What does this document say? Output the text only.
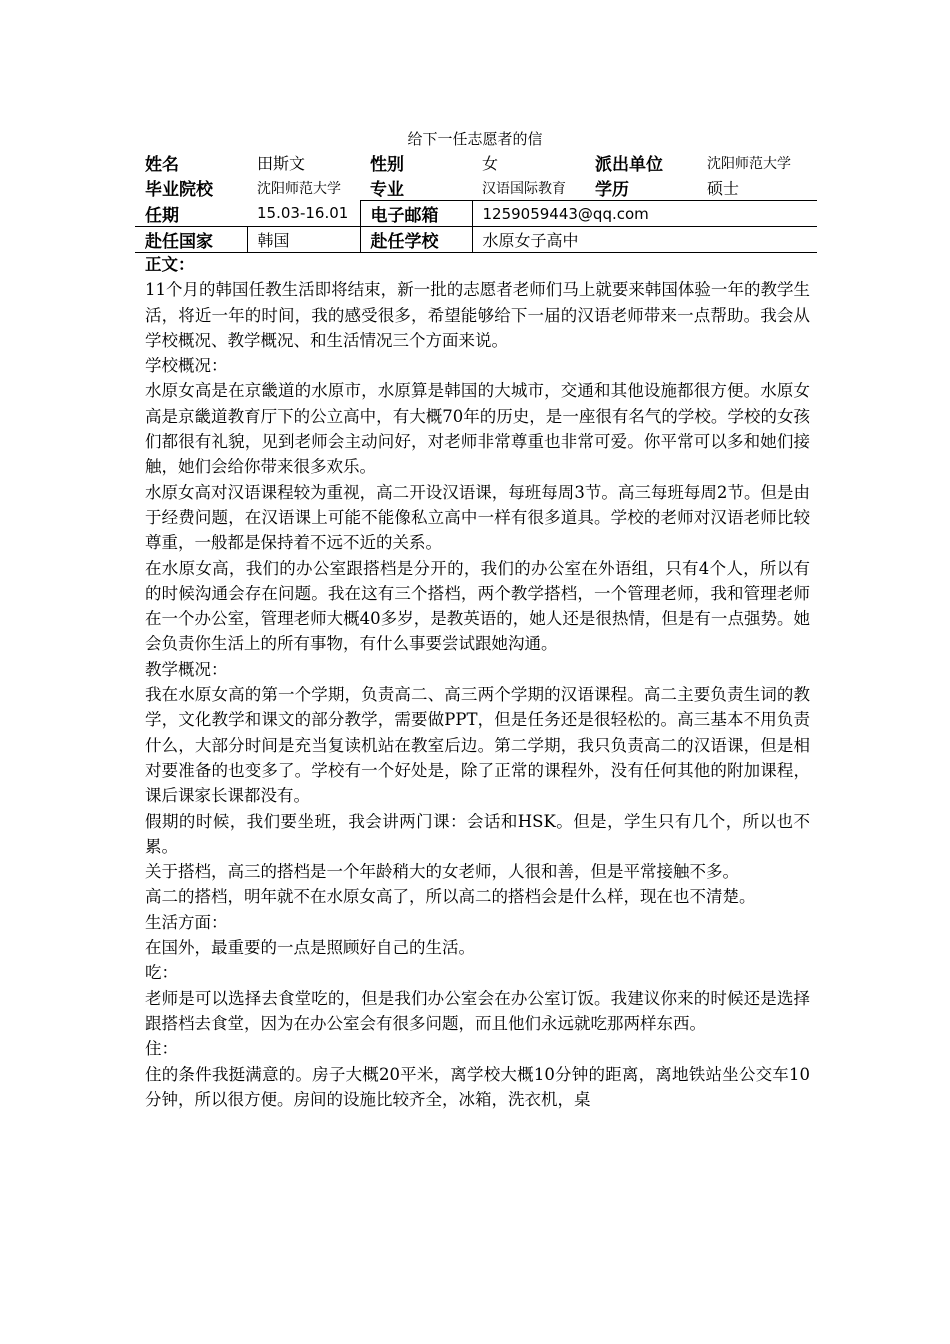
给下一任志愿者的信
姓名	田斯文	性别	女	派出单位	沈阳师范大学
毕业院校	沈阳师范大学	专业	汉语国际教育	学历	硕士
任期	15.03-16.01	电子邮箱	1259059443@qq.com		
赴任国家	韩国	赴任学校	水原女子高中		

正文：

11个月的韩国任教生活即将结束，新一批的志愿者老师们马上就要来韩国体验一年的教学生活，将近一年的时间，我的感受很多，希望能够给下一届的汉语老师带来一点帮助。我会从学校概况、教学概况、和生活情况三个方面来说。

学校概况：

水原女高是在京畿道的水原市，水原算是韩国的大城市，交通和其他设施都很方便。水原女高是京畿道教育厅下的公立高中，有大概70年的历史，是一座很有名气的学校。学校的女孩们都很有礼貌，见到老师会主动问好，对老师非常尊重也非常可爱。你平常可以多和她们接触，她们会给你带来很多欢乐。

水原女高对汉语课程较为重视，高二开设汉语课，每班每周3节。高三每班每周2节。但是由于经费问题，在汉语课上可能不能像私立高中一样有很多道具。学校的老师对汉语老师比较尊重，一般都是保持着不远不近的关系。

在水原女高，我们的办公室跟搭档是分开的，我们的办公室在外语组，只有4个人，所以有的时候沟通会存在问题。我在这有三个搭档，两个教学搭档，一个管理老师，我和管理老师在一个办公室，管理老师大概40多岁，是教英语的，她人还是很热情，但是有一点强势。她会负责你生活上的所有事物，有什么事要尝试跟她沟通。

教学概况：

我在水原女高的第一个学期，负责高二、高三两个学期的汉语课程。高二主要负责生词的教学，文化教学和课文的部分教学，需要做PPT，但是任务还是很轻松的。高三基本不用负责什么，大部分时间是充当复读机站在教室后边。第二学期，我只负责高二的汉语课，但是相对要准备的也变多了。学校有一个好处是，除了正常的课程外，没有任何其他的附加课程，课后课家长课都没有。

假期的时候，我们要坐班，我会讲两门课：会话和HSK。但是，学生只有几个，所以也不累。

关于搭档，高三的搭档是一个年龄稍大的女老师，人很和善，但是平常接触不多。

高二的搭档，明年就不在水原女高了，所以高二的搭档会是什么样，现在也不清楚。

生活方面：

在国外，最重要的一点是照顾好自己的生活。

吃：

老师是可以选择去食堂吃的，但是我们办公室会在办公室订饭。我建议你来的时候还是选择跟搭档去食堂，因为在办公室会有很多问题，而且他们永远就吃那两样东西。

住：

住的条件我挺满意的。房子大概20平米，离学校大概10分钟的距离，离地铁站坐公交车10分钟，所以很方便。房间的设施比较齐全，冰箱，洗衣机，桌
